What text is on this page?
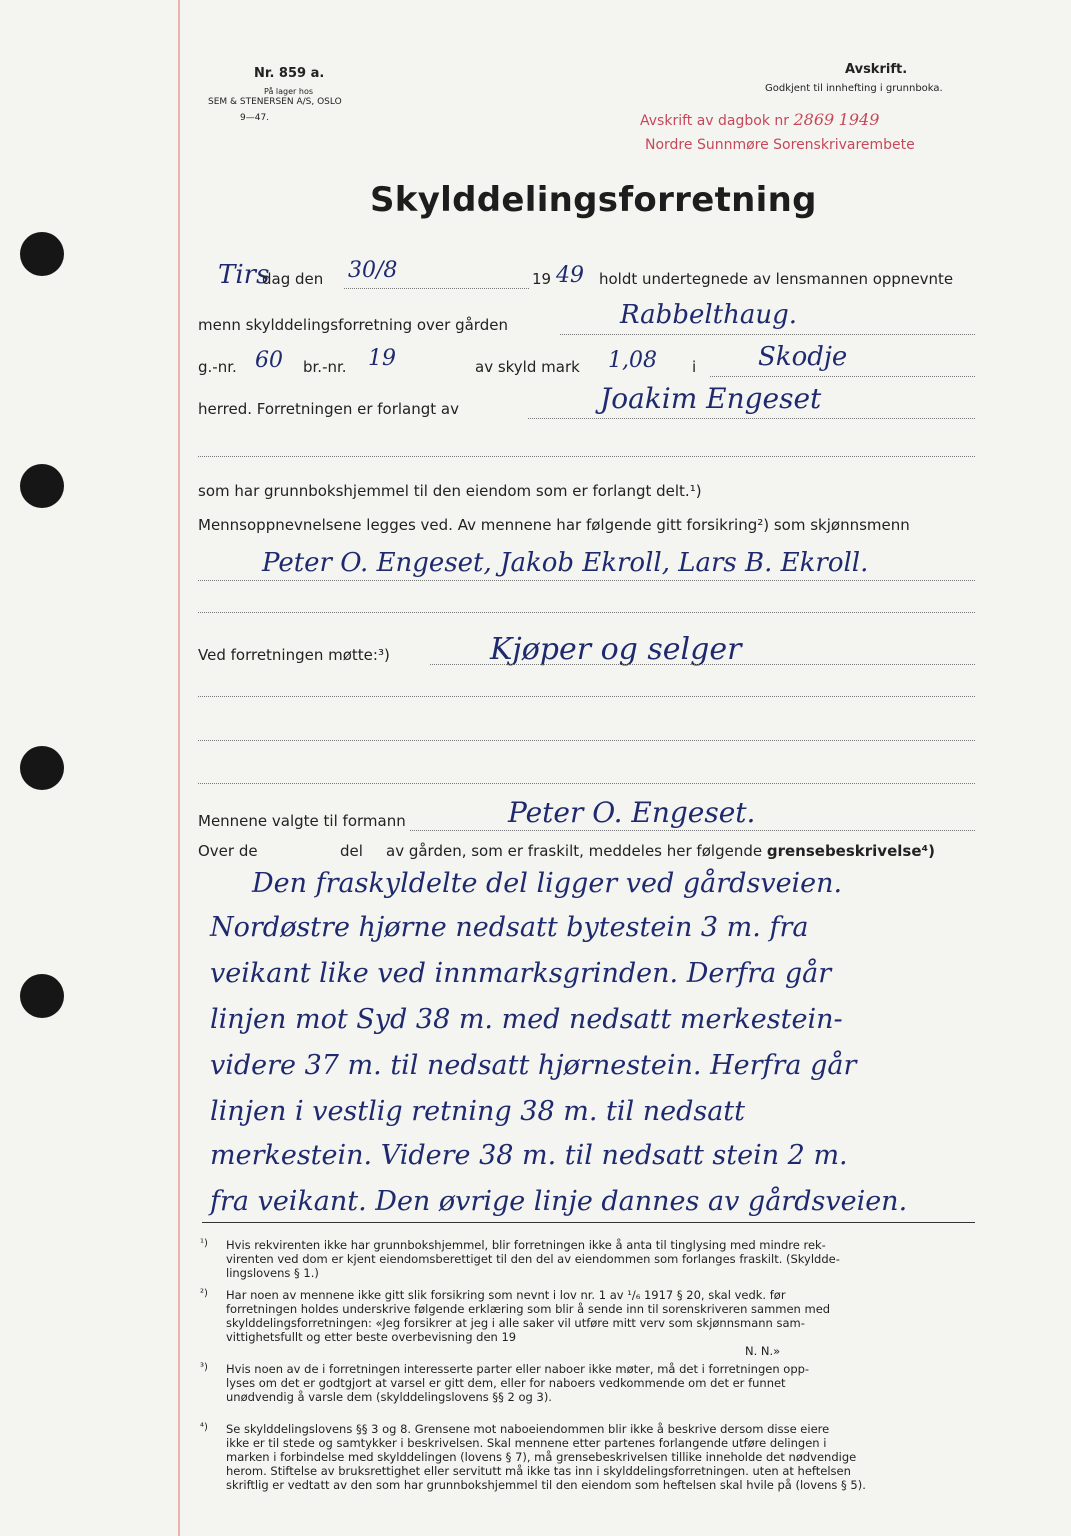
Nr. 859 a.
På lager hos
SEM & STENERSEN A/S, OSLO
9—47.
Avskrift.
Godkjent til innhefting i grunnboka.
Avskrift av dagbok nr 2869 1949
Nordre Sunnmøre Sorenskrivarembete
Skylddelingsforretning
Tirs
dag den 30/8	19 49 holdt undertegnede av lensmannen oppnevnte
menn skylddelingsforretning over gården	Rabbelthaug.
g.-nr. 60 br.-nr. 19	av skyld mark 1,08 i Skodje
herred. Forretningen er forlangt av	Joakim Engeset
som har grunnbokshjemmel til den eiendom som er forlangt delt.¹)
Mennsoppnevnelsene legges ved. Av mennene har følgende gitt forsikring²) som skjønnsmenn
Peter O. Engeset, Jakob Ekroll, Lars B. Ekroll.
Ved forretningen møtte:³)	Kjøper og selger
Mennene valgte til formann	Peter O. Engeset.
Over de	del av gården, som er fraskilt, meddeles her følgende grensebeskrivelse⁴)
Den fraskyldelte del ligger ved gårdsveien.
Nordøstre hjørne nedsatt bytestein 3 m. fra
veikant like ved innmarksgrinden. Derfra går
linjen mot Syd 38 m. med nedsatt merkestein-
videre 37 m. til nedsatt hjørnestein. Herfra går
linjen i vestlig retning 38 m. til nedsatt
merkestein. Videre 38 m. til nedsatt stein 2 m.
fra veikant. Den øvrige linje dannes av gårdsveien.
¹) Hvis rekvirenten ikke har grunnbokshjemmel, blir forretningen ikke å anta til tinglysing med mindre rek-
virenten ved dom er kjent eiendomsberettiget til den del av eiendommen som forlanges fraskilt. (Skyldde-
lingslovens § 1.)
²) Har noen av mennene ikke gitt slik forsikring som nevnt i lov nr. 1 av ¹/₆ 1917 § 20, skal vedk. før
forretningen holdes underskrive følgende erklæring som blir å sende inn til sorenskriveren sammen med
skylddelingsforretningen: «Jeg forsikrer at jeg i alle saker vil utføre mitt verv som skjønnsmann sam-
vittighetsfullt og etter beste overbevisning den 19
N. N.»
³) Hvis noen av de i forretningen interesserte parter eller naboer ikke møter, må det i forretningen opp-
lyses om det er godtgjort at varsel er gitt dem, eller for naboers vedkommende om det er funnet
unødvendig å varsle dem (skylddelingslovens §§ 2 og 3).
⁴) Se skylddelingslovens §§ 3 og 8. Grensene mot naboeiendommen blir ikke å beskrive dersom disse eiere
ikke er til stede og samtykker i beskrivelsen. Skal mennene etter partenes forlangende utføre delingen i
marken i forbindelse med skylddelingen (lovens § 7), må grensebeskrivelsen tillike inneholde det nødvendige
herom. Stiftelse av bruksrettighet eller servitutt må ikke tas inn i skylddelingsforretningen. uten at heftelsen
skriftlig er vedtatt av den som har grunnbokshjemmel til den eiendom som heftelsen skal hvile på (lovens § 5).
